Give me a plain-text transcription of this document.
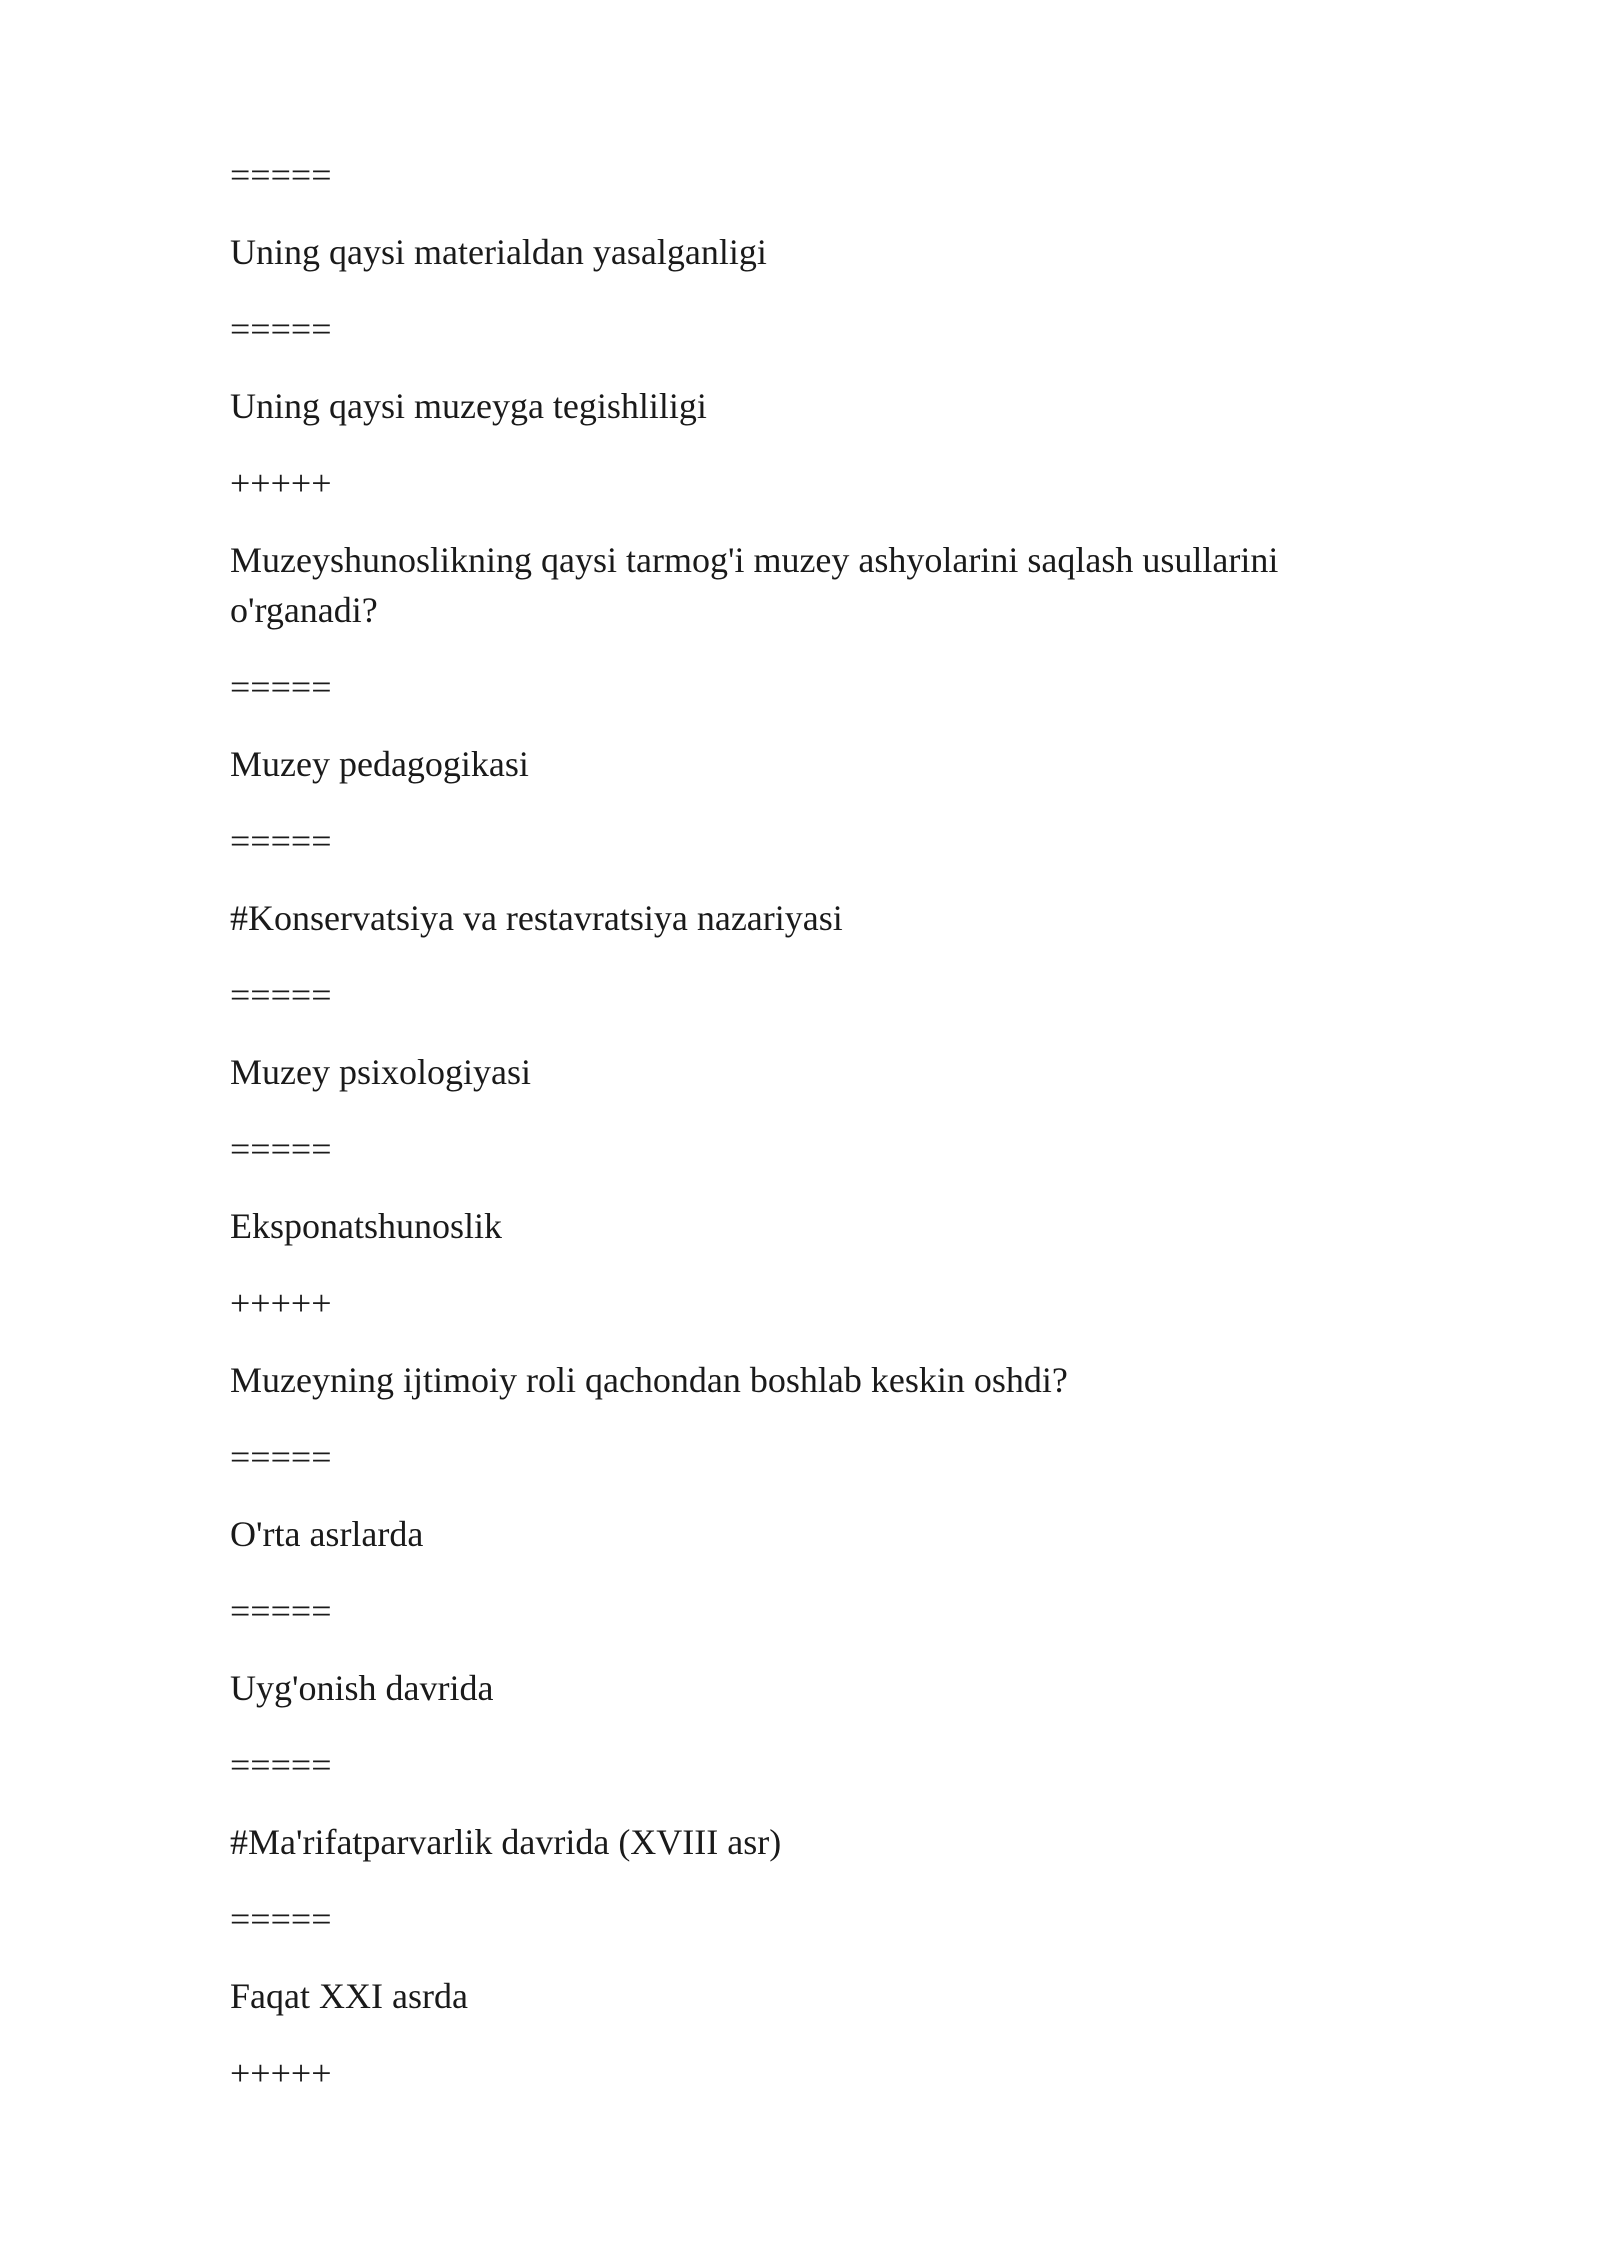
=====
Uning qaysi materialdan yasalganligi
=====
Uning qaysi muzeyga tegishliligi
+++++
Muzeyshunoslikning qaysi tarmog'i muzey ashyolarini saqlash usullarini o'rganadi?
=====
Muzey pedagogikasi
=====
#Konservatsiya va restavratsiya nazariyasi
=====
Muzey psixologiyasi
=====
Eksponatshunoslik
+++++
Muzeyning ijtimoiy roli qachondan boshlab keskin oshdi?
=====
O'rta asrlarda
=====
Uyg'onish davrida
=====
#Ma'rifatparvarlik davrida (XVIII asr)
=====
Faqat XXI asrda
+++++
